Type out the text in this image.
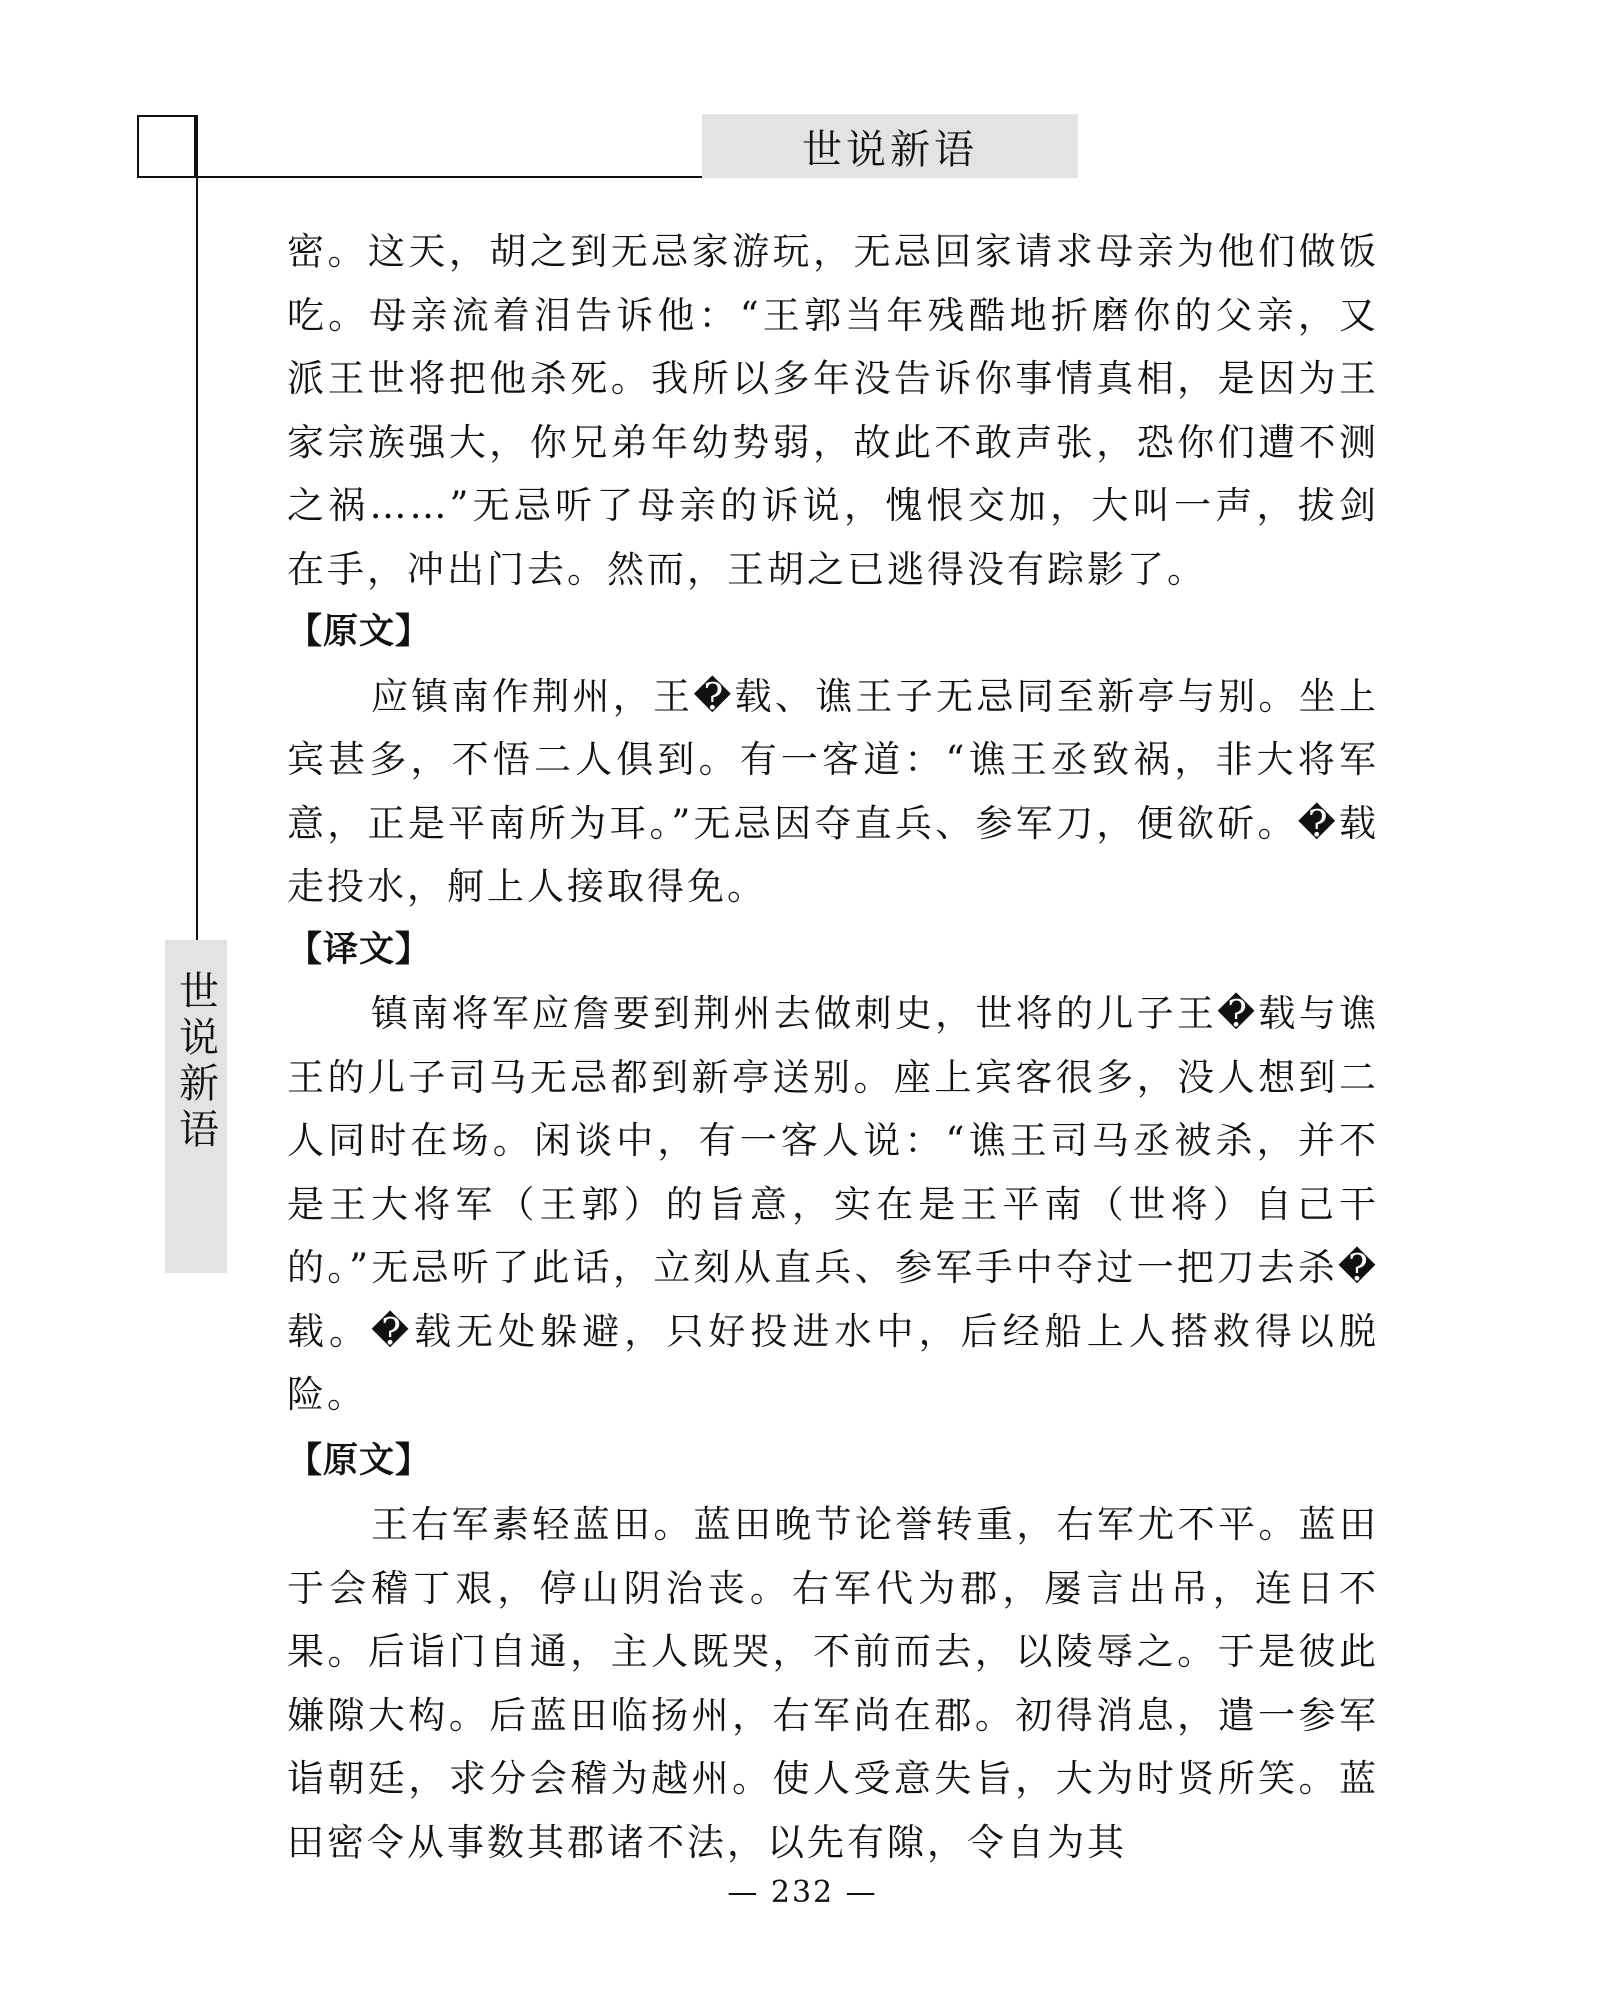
世说新语
世说新语

密。这天，胡之到无忌家游玩，无忌回家请求母亲为他们做饭吃。母亲流着泪告诉他：“王郭当年残酷地折磨你的父亲，又派王世将把他杀死。我所以多年没告诉你事情真相，是因为王家宗族强大，你兄弟年幼势弱，故此不敢声张，恐你们遭不测之祸……”无忌听了母亲的诉说，愧恨交加，大叫一声，拔剑在手，冲出门去。然而，王胡之已逃得没有踪影了。

【原文】

应镇南作荆州，王�载、谯王子无忌同至新亭与别。坐上宾甚多，不悟二人俱到。有一客道：“谯王丞致祸，非大将军意，正是平南所为耳。”无忌因夺直兵、参军刀，便欲斫。�载走投水，舸上人接取得免。

【译文】

镇南将军应詹要到荆州去做刺史，世将的儿子王�载与谯王的儿子司马无忌都到新亭送别。座上宾客很多，没人想到二人同时在场。闲谈中，有一客人说：“谯王司马丞被杀，并不是王大将军（王郭）的旨意，实在是王平南（世将）自己干的。”无忌听了此话，立刻从直兵、参军手中夺过一把刀去杀�载。�载无处躲避，只好投进水中，后经船上人搭救得以脱险。

【原文】

王右军素轻蓝田。蓝田晚节论誉转重，右军尤不平。蓝田于会稽丁艰，停山阴治丧。右军代为郡，屡言出吊，连日不果。后诣门自通，主人既哭，不前而去，以陵辱之。于是彼此嫌隙大构。后蓝田临扬州，右军尚在郡。初得消息，遣一参军诣朝廷，求分会稽为越州。使人受意失旨，大为时贤所笑。蓝田密令从事数其郡诸不法，以先有隙，令自为其

— 232 —
